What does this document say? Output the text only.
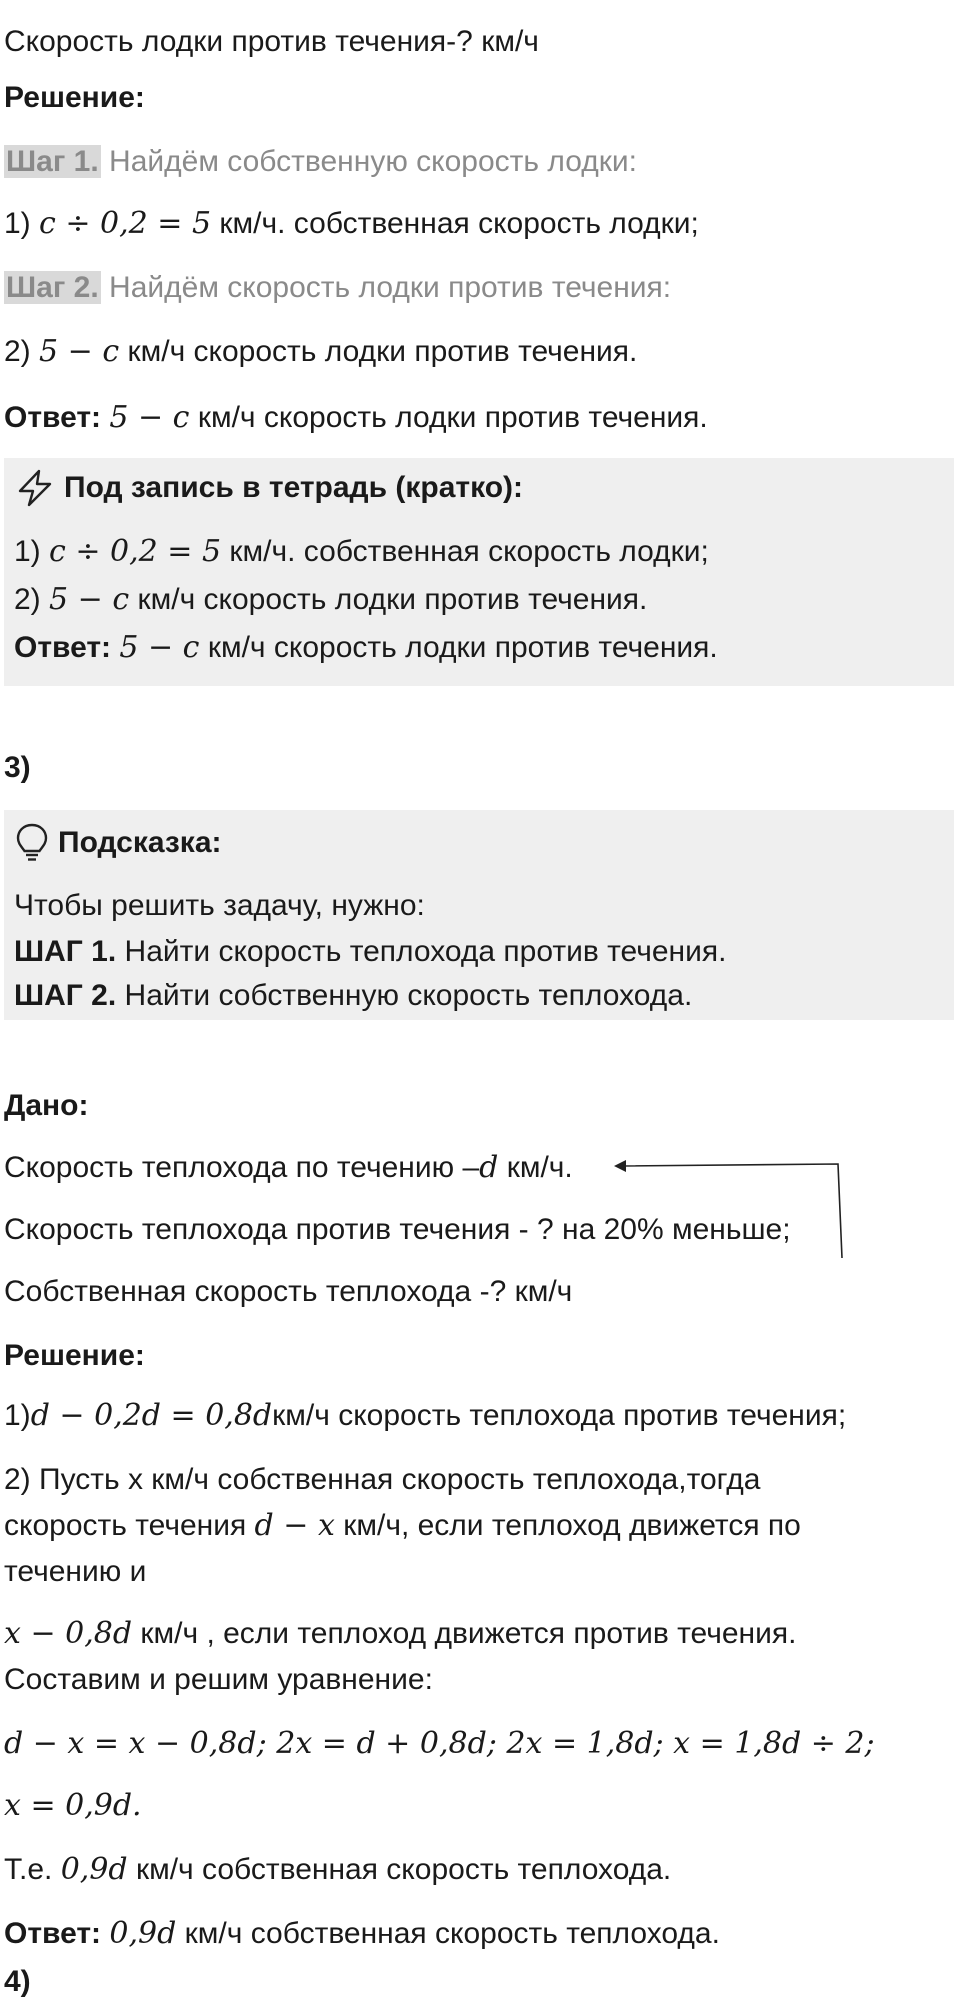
Скорость лодки против течения-? км/ч
Решение:
Шаг 1. Найдём собственную скорость лодки:
1) c ÷ 0,2 = 5 км/ч. собственная скорость лодки;
Шаг 2. Найдём скорость лодки против течения:
2) 5 − c км/ч скорость лодки против течения.
Ответ: 5 − c км/ч скорость лодки против течения.
Под запись в тетрадь (кратко):
1) c ÷ 0,2 = 5 км/ч. собственная скорость лодки;
2) 5 − c км/ч скорость лодки против течения.
Ответ: 5 − c км/ч скорость лодки против течения.
3)
Подсказка:
Чтобы решить задачу, нужно:
ШАГ 1. Найти скорость теплохода против течения.
ШАГ 2. Найти собственную скорость теплохода.
Дано:
Скорость теплохода по течению –d км/ч.
Скорость теплохода против течения - ? на 20% меньше;
Собственная скорость теплохода -? км/ч
Решение:
1)d − 0,2d = 0,8dкм/ч скорость теплохода против течения;
2) Пусть х км/ч собственная скорость теплохода,тогда
скорость течения d − x км/ч, если теплоход движется по
течению и
x − 0,8d км/ч , если теплоход движется против течения.
Составим и решим уравнение:
d − x = x − 0,8d; 2x = d + 0,8d; 2x = 1,8d; x = 1,8d ÷ 2;
x = 0,9d.
Т.е. 0,9d км/ч собственная скорость теплохода.
Ответ: 0,9d км/ч собственная скорость теплохода.
4)
